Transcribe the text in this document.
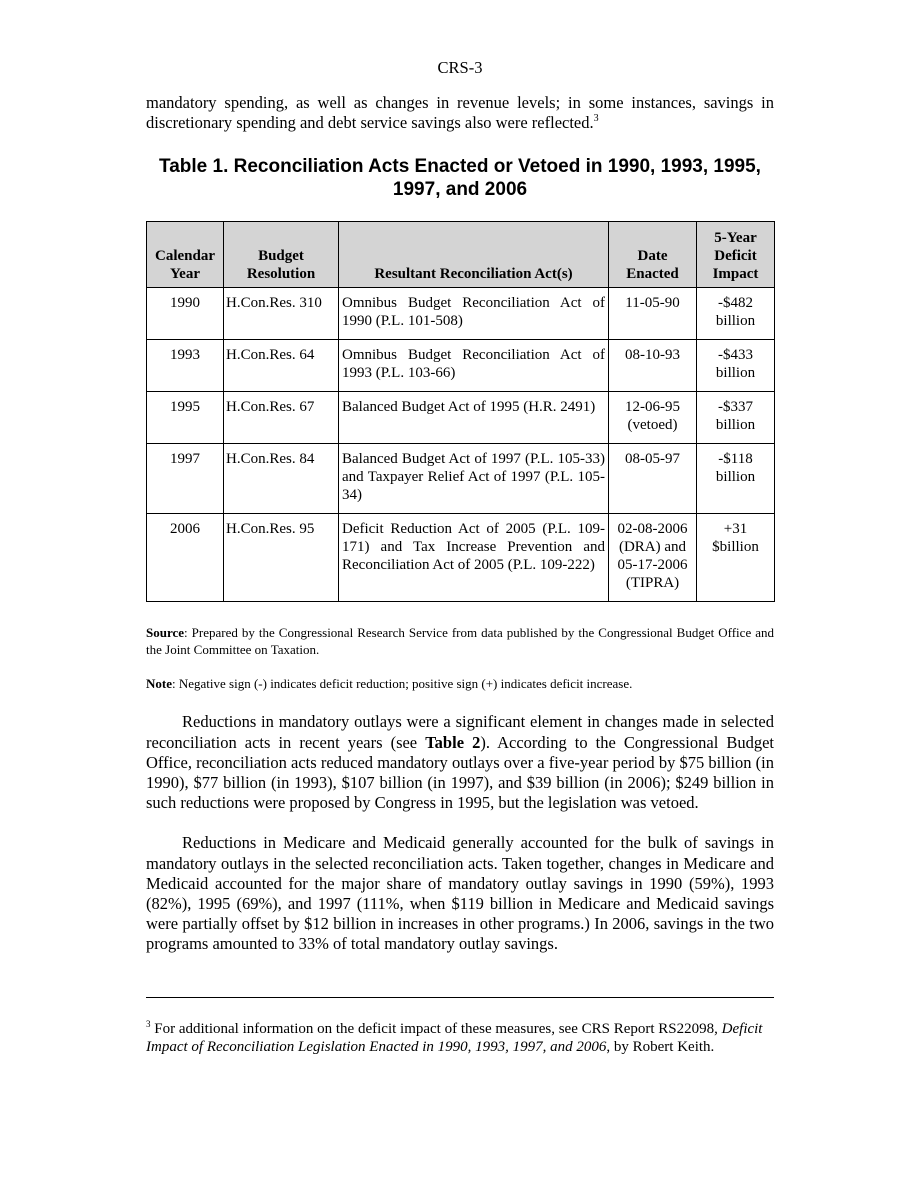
CRS-3

mandatory spending, as well as changes in revenue levels; in some instances, savings in discretionary spending and debt service savings also were reflected.$^3$

Table 1. Reconciliation Acts Enacted or Vetoed in 1990, 1993, 1995, 1997, and 2006
Calendar Year	Budget Resolution	Resultant Reconciliation Act(s)	Date Enacted	5-Year Deficit Impact
1990	H.Con.Res. 310	Omnibus Budget Reconciliation Act of 1990 (P.L. 101-508)	11-05-90	-$482 billion
1993	H.Con.Res. 64	Omnibus Budget Reconciliation Act of 1993 (P.L. 103-66)	08-10-93	-$433 billion
1995	H.Con.Res. 67	Balanced Budget Act of 1995 (H.R. 2491)	12-06-95 (vetoed)	-$337 billion
1997	H.Con.Res. 84	Balanced Budget Act of 1997 (P.L. 105-33) and Taxpayer Relief Act of 1997 (P.L. 105-34)	08-05-97	-$118 billion
2006	H.Con.Res. 95	Deficit Reduction Act of 2005 (P.L. 109-171) and Tax Increase Prevention and Reconciliation Act of 2005 (P.L. 109-222)	02-08-2006 (DRA) and 05-17-2006 (TIPRA)	+31 $billion

Source: Prepared by the Congressional Research Service from data published by the Congressional Budget Office and the Joint Committee on Taxation.

Note: Negative sign (-) indicates deficit reduction; positive sign (+) indicates deficit increase.

Reductions in mandatory outlays were a significant element in changes made in selected reconciliation acts in recent years (see Table 2). According to the Congressional Budget Office, reconciliation acts reduced mandatory outlays over a five-year period by $75 billion (in 1990), $77 billion (in 1993), $107 billion (in 1997), and $39 billion (in 2006); $249 billion in such reductions were proposed by Congress in 1995, but the legislation was vetoed.

Reductions in Medicare and Medicaid generally accounted for the bulk of savings in mandatory outlays in the selected reconciliation acts. Taken together, changes in Medicare and Medicaid accounted for the major share of mandatory outlay savings in 1990 (59%), 1993 (82%), 1995 (69%), and 1997 (111%, when $119 billion in Medicare and Medicaid savings were partially offset by $12 billion in increases in other programs.) In 2006, savings in the two programs amounted to 33% of total mandatory outlay savings.

$^3$ For additional information on the deficit impact of these measures, see CRS Report RS22098, Deficit Impact of Reconciliation Legislation Enacted in 1990, 1993, 1997, and 2006, by Robert Keith.
